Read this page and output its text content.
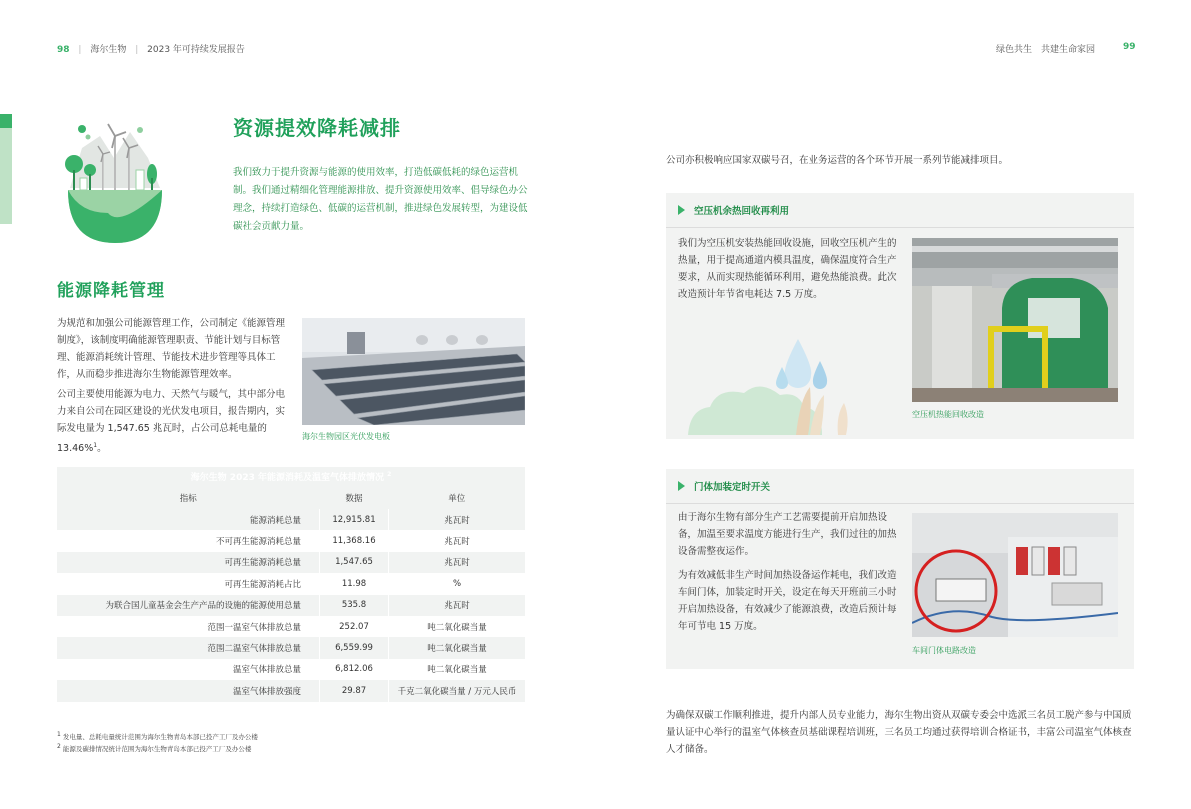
98 | 海尔生物 | 2023 年可持续发展报告	绿色共生　共建生命家园	99
资源提效降耗减排
我们致力于提升资源与能源的使用效率，打造低碳低耗的绿色运营机制。我们通过精细化管理能源排放、提升资源使用效率、倡导绿色办公理念，持续打造绿色、低碳的运营机制，推进绿色发展转型，为建设低碳社会贡献力量。
能源降耗管理
为规范和加强公司能源管理工作，公司制定《能源管理制度》，该制度明确能源管理职责、节能计划与目标管理、能源消耗统计管理、节能技术进步管理等具体工作，从而稳步推进海尔生物能源管理效率。
公司主要使用能源为电力、天然气与暖气，其中部分电力来自公司在园区建设的光伏发电项目，报告期内，实际发电量为 1,547.65 兆瓦时，占公司总耗电量的 13.46%$^1$。
海尔生物园区光伏发电板
海尔生物 2023 年能源消耗及温室气体排放情况 $^2$
指标	数据	单位
能源消耗总量	12,915.81	兆瓦时
不可再生能源消耗总量	11,368.16	兆瓦时
可再生能源消耗总量	1,547.65	兆瓦时
可再生能源消耗占比	11.98	%
为联合国儿童基金会生产产品的设施的能源使用总量	535.8	兆瓦时
范围一温室气体排放总量	252.07	吨二氧化碳当量
范围二温室气体排放总量	6,559.99	吨二氧化碳当量
温室气体排放总量	6,812.06	吨二氧化碳当量
温室气体排放强度	29.87	千克二氧化碳当量 / 万元人民币
$^1$ 发电量、总耗电量统计范围为海尔生物青岛本部已投产工厂及办公楼
$^2$ 能源及碳排情况统计范围为海尔生物青岛本部已投产工厂及办公楼
公司亦积极响应国家双碳号召，在业务运营的各个环节开展一系列节能减排项目。
空压机余热回收再利用
我们为空压机安装热能回收设施，回收空压机产生的热量，用于提高通道内模具温度，确保温度符合生产要求，从而实现热能循环利用，避免热能浪费。此次改造预计年节省电耗达 7.5 万度。
空压机热能回收改造
门体加装定时开关
由于海尔生物有部分生产工艺需要提前开启加热设备，加温至要求温度方能进行生产，我们过往的加热设备需整夜运作。
为有效减低非生产时间加热设备运作耗电，我们改造车间门体，加装定时开关，设定在每天开班前三小时开启加热设备，有效减少了能源浪费，改造后预计每年可节电 15 万度。
车间门体电路改造
为确保双碳工作顺利推进，提升内部人员专业能力，海尔生物出资从双碳专委会中选派三名员工脱产参与中国质量认证中心举行的温室气体核查员基础课程培训班，三名员工均通过获得培训合格证书，丰富公司温室气体核查人才储备。
